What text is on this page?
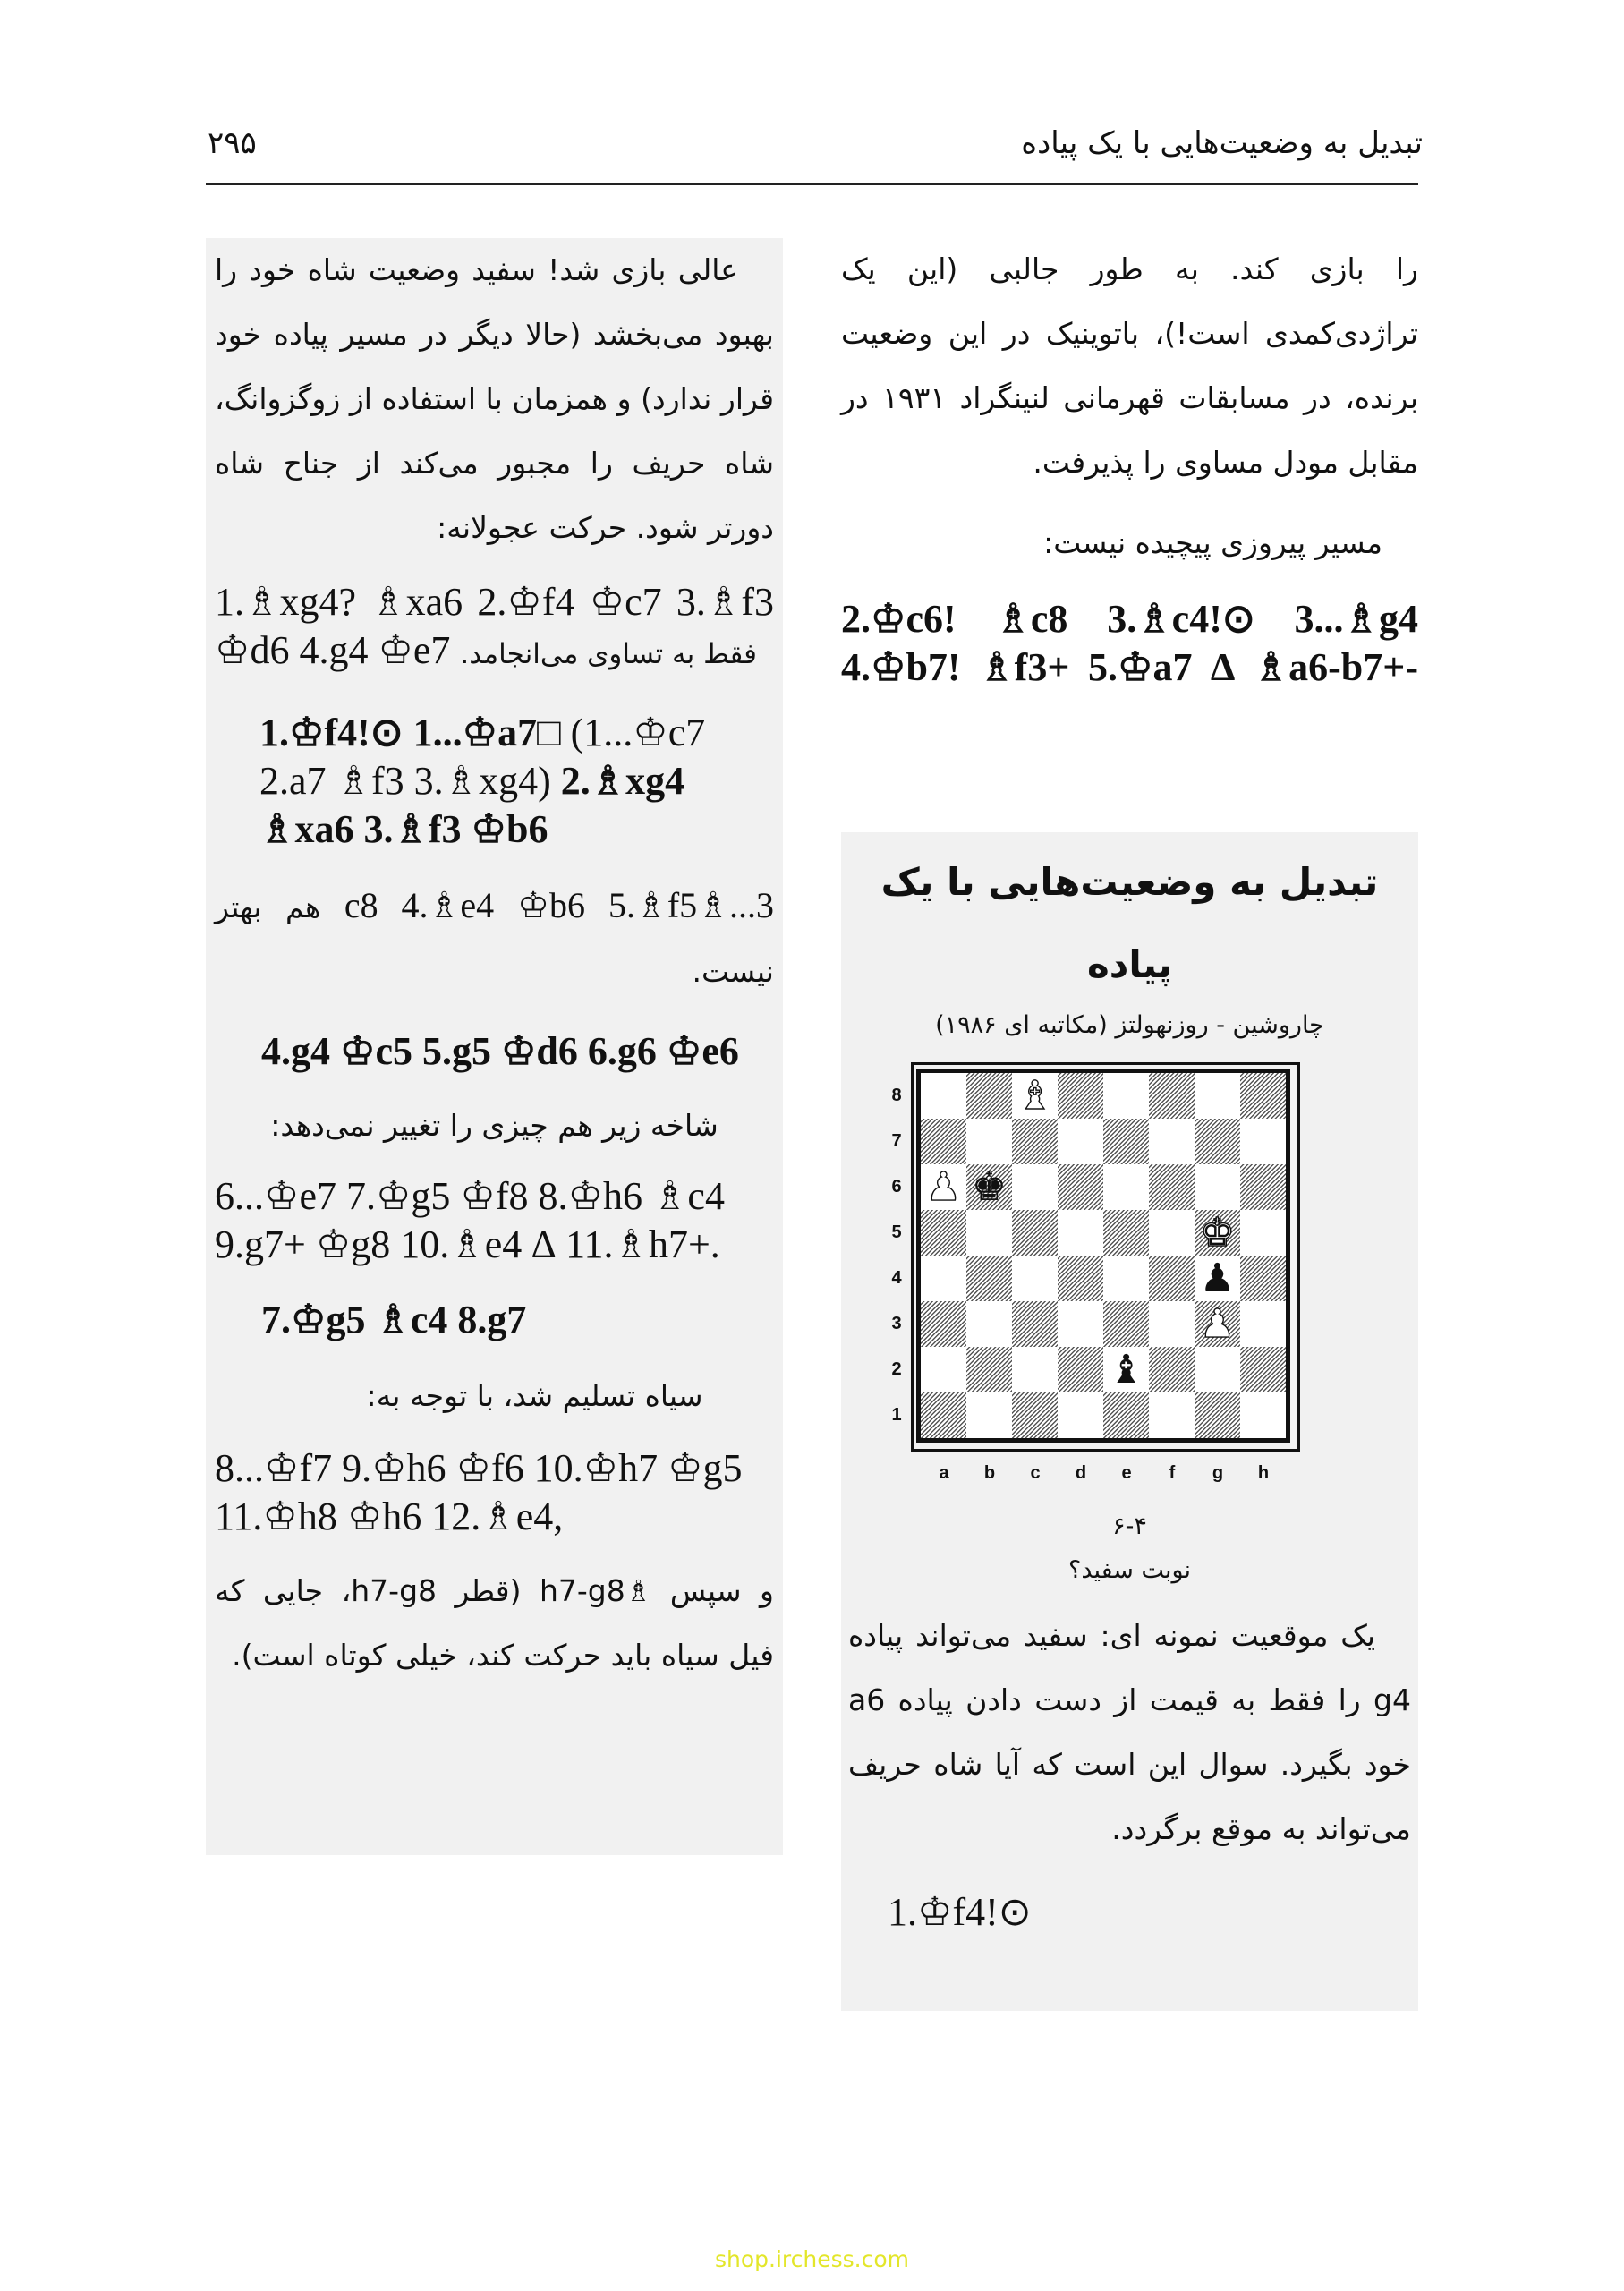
تبدیل به وضعیت‌هایی با یک پیاده
۲۹۵
را بازی کند. به طور جالبی (این یک تراژدی‌کمدی است!)، باتوینیک در این وضعیت برنده، در مسابقات قهرمانی لنینگراد ۱۹۳۱ در مقابل مودل مساوی را پذیرفت.
مسیر پیروزی پیچیده نیست:
2.♔c6! ♗c8 3.♗c4!⊙ 3...♗g4 4.♔b7! ♗f3+ 5.♔a7 ∆ ♗a6-b7+-
تبدیل به وضعیت‌هایی با یک پیاده
چاروشین - روزنهولتز (مکاتبه ای ۱۹۸۶)
♝
♟ ♚
♚
♟
♟
♝
8
7
6
5
4
3
2
1
a	b	c	d	e	f	g	h
۶-۴
نوبت سفید؟
یک موقعیت نمونه ای: سفید می‌تواند پیاده g4 را فقط به قیمت از دست دادن پیاده a6 خود بگیرد. سوال این است که آیا شاه حریف می‌تواند به موقع برگردد.
1.♔f4!⊙
عالی بازی شد! سفید وضعیت شاه خود را بهبود می‌بخشد (حالا دیگر در مسیر پیاده خود قرار ندارد) و همزمان با استفاده از زوگزوانگ، شاه حریف را مجبور می‌کند از جناح شاه دورتر شود. حرکت عجولانه:
1.♗xg4? ♗xa6 2.♔f4 ♔c7 3.♗f3 ♔d6 4.g4 ♔e7 فقط به تساوی می‌انجامد.
1.♔f4!⊙ 1...♔a7□ (1...♔c7 2.a7 ♗f3 3.♗xg4) 2.♗xg4 ♗xa6 3.♗f3 ♔b6
3...♗c8 4.♗e4 ♔b6 5.♗f5 هم بهتر نیست.
4.g4 ♔c5 5.g5 ♔d6 6.g6 ♔e6
شاخه زیر هم چیزی را تغییر نمی‌دهد:
6...♔e7 7.♔g5 ♔f8 8.♔h6 ♗c4 9.g7+ ♔g8 10.♗e4 ∆ 11.♗h7+.
7.♔g5 ♗c4 8.g7
سیاه تسلیم شد، با توجه به:
8...♔f7 9.♔h6 ♔f6 10.♔h7 ♔g5 11.♔h8 ♔h6 12.♗e4,
و سپس ♗h7-g8 (قطر h7-g8، جایی که فیل سیاه باید حرکت کند، خیلی کوتاه است).
shop.irchess.com
